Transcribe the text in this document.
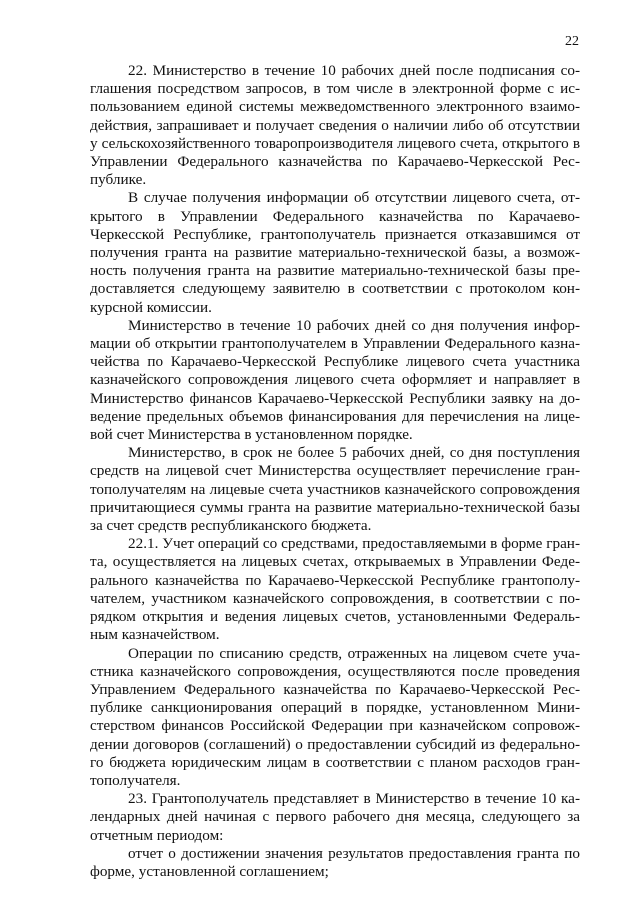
22

22. Министерство в течение 10 рабочих дней после подписания соглашения посредством запросов, в том числе в электронной форме с использованием единой системы межведомственного электронного взаимодействия, запрашивает и получает сведения о наличии либо об отсутствии у сельскохозяйственного товаропроизводителя лицевого счета, открытого в Управлении Федерального казначейства по Карачаево-Черкесской Республике.

В случае получения информации об отсутствии лицевого счета, открытого в Управлении Федерального казначейства по Карачаево-Черкесской Республике, грантополучатель признается отказавшимся от получения гранта на развитие материально-технической базы, а возможность получения гранта на развитие материально-технической базы предоставляется следующему заявителю в соответствии с протоколом конкурсной комиссии.

Министерство в течение 10 рабочих дней со дня получения информации об открытии грантополучателем в Управлении Федерального казначейства по Карачаево-Черкесской Республике лицевого счета участника казначейского сопровождения лицевого счета оформляет и направляет в Министерство финансов Карачаево-Черкесской Республики заявку на доведение предельных объемов финансирования для перечисления на лицевой счет Министерства в установленном порядке.

Министерство, в срок не более 5 рабочих дней, со дня поступления средств на лицевой счет Министерства осуществляет перечисление грантополучателям на лицевые счета участников казначейского сопровождения причитающиеся суммы гранта на развитие материально-технической базы за счет средств республиканского бюджета.

22.1. Учет операций со средствами, предоставляемыми в форме гранта, осуществляется на лицевых счетах, открываемых в Управлении Федерального казначейства по Карачаево-Черкесской Республике грантополучателем, участником казначейского сопровождения, в соответствии с порядком открытия и ведения лицевых счетов, установленными Федеральным казначейством.

Операции по списанию средств, отраженных на лицевом счете участника казначейского сопровождения, осуществляются после проведения Управлением Федерального казначейства по Карачаево-Черкесской Республике санкционирования операций в порядке, установленном Министерством финансов Российской Федерации при казначейском сопровождении договоров (соглашений) о предоставлении субсидий из федерального бюджета юридическим лицам в соответствии с планом расходов грантополучателя.

23. Грантополучатель представляет в Министерство в течение 10 календарных дней начиная с первого рабочего дня месяца, следующего за отчетным периодом:

отчет о достижении значения результатов предоставления гранта по форме, установленной соглашением;
